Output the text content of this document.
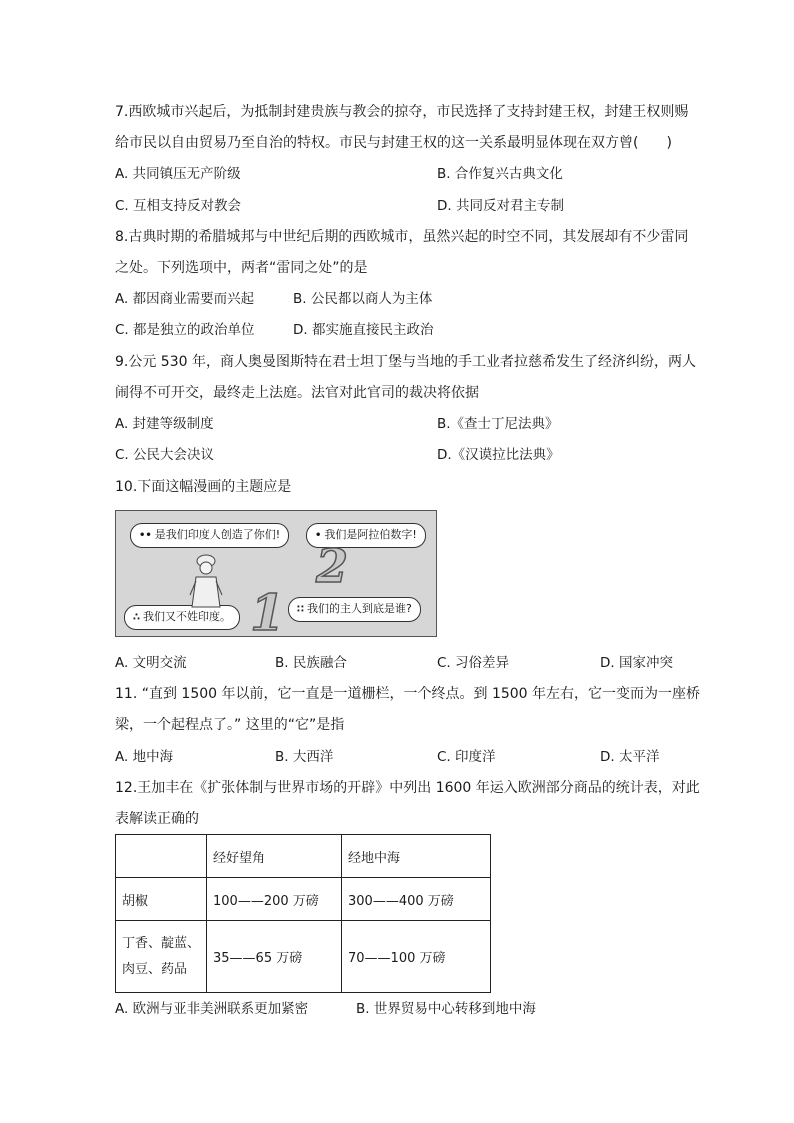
7.西欧城市兴起后，为抵制封建贵族与教会的掠夺，市民选择了支持封建王权，封建王权则赐
给市民以自由贸易乃至自治的特权。市民与封建王权的这一关系最明显体现在双方曾(　　)
A. 共同镇压无产阶级	B. 合作复兴古典文化
C. 互相支持反对教会	D. 共同反对君主专制
8.古典时期的希腊城邦与中世纪后期的西欧城市，虽然兴起的时空不同，其发展却有不少雷同
之处。下列选项中，两者“雷同之处”的是
A. 都因商业需要而兴起	B. 公民都以商人为主体
C. 都是独立的政治单位	D. 都实施直接民主政治
9.公元 530 年，商人奥曼图斯特在君士坦丁堡与当地的手工业者拉慈希发生了经济纠纷，两人
闹得不可开交，最终走上法庭。法官对此官司的裁决将依据
A. 封建等级制度	B.《查士丁尼法典》
C. 公民大会决议	D.《汉谟拉比法典》
10.下面这幅漫画的主题应是
•• 是我们印度人创造了你们!	• 我们是阿拉伯数字!
∴ 我们又不姓印度。
∷ 我们的主人到底是谁?
2
1
A. 文明交流	B. 民族融合	C. 习俗差异	D. 国家冲突
11. “直到 1500 年以前，它一直是一道栅栏，一个终点。到 1500 年左右，它一变而为一座桥
梁，一个起程点了。” 这里的“它”是指
A. 地中海	B. 大西洋	C. 印度洋	D. 太平洋
12.王加丰在《扩张体制与世界市场的开辟》中列出 1600 年运入欧洲部分商品的统计表，对此
表解读正确的
	经好望角	经地中海
胡椒	100——200 万磅	300——400 万磅

丁香、靛蓝、
肉豆、药品	35——65 万磅	70——100 万磅
A. 欧洲与亚非美洲联系更加紧密	B. 世界贸易中心转移到地中海
